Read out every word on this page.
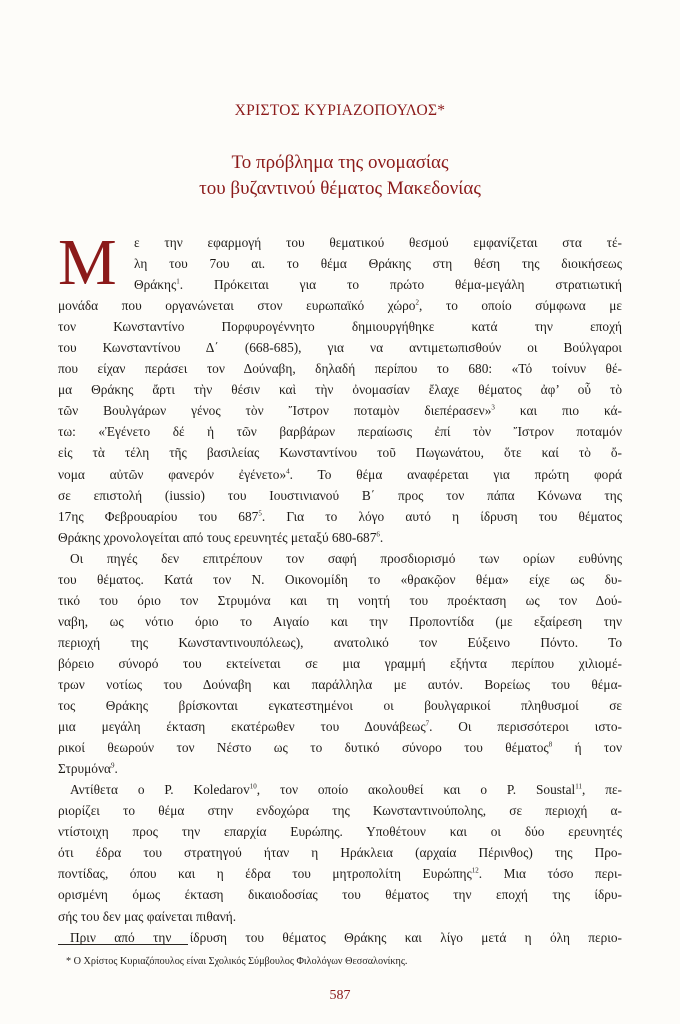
ΧΡΙΣΤΟΣ ΚΥΡΙΑΖΟΠΟΥΛΟΣ*
Το πρόβλημα της ονομασίας
του βυζαντινού θέματος Μακεδονίας
Μ	ε την εφαρμογή του θεματικού θεσμού εμφανίζεται στα τέ-
λη του 7ου αι. το θέμα Θράκης στη θέση της διοικήσεως
Θράκης$^1$. Πρόκειται για το πρώτο θέμα-μεγάλη στρατιωτική
μονάδα που οργανώνεται στον ευρωπαϊκό χώρο$^2$, το οποίο σύμφωνα με
τον Κωνσταντίνο Πορφυρογέννητο δημιουργήθηκε κατά την εποχή
του Κωνσταντίνου Δ΄ (668-685), για να αντιμετωπισθούν οι Βούλγαροι
που είχαν περάσει τον Δούναβη, δηλαδή περίπου το 680: «Τό τοίνυν θέ-
μα Θράκης ἄρτι τὴν θέσιν καὶ τὴν ὀνομασίαν ἔλαχε θέματος ἀφ’ οὗ τὸ
τῶν Βουλγάρων γένος τὸν Ἴστρον ποταμὸν διεπέρασεν»$^3$ και πιο κά-
τω: «Ἐγένετο δέ ἡ τῶν βαρβάρων περαίωσις ἐπί τὸν Ἴστρον ποταμόν
εἰς τὰ τέλη τῆς βασιλείας Κωνσταντίνου τοῦ Πωγωνάτου, ὅτε καί τὸ ὄ-
νομα αὐτῶν φανερόν ἐγένετο»$^4$. Το θέμα αναφέρεται για πρώτη φορά
σε επιστολή (iussio) του Ιουστινιανού Β΄ προς τον πάπα Κόνωνα της
17ης Φεβρουαρίου του $687^5$. Για το λόγο αυτό η ίδρυση του θέματος
Θράκης χρονολογείται από τους ερευνητές μεταξύ $680-687^6$.
Οι πηγές δεν επιτρέπουν τον σαφή προσδιορισμό των ορίων ευθύνης
του θέματος. Κατά τον Ν. Οικονομίδη το «θρακῷον θέμα» είχε ως δυ-
τικό του όριο τον Στρυμόνα και τη νοητή του προέκταση ως τον Δού-
ναβη, ως νότιο όριο το Αιγαίο και την Προποντίδα (με εξαίρεση την
περιοχή της Κωνσταντινουπόλεως), ανατολικό τον Εύξεινο Πόντο. Το
βόρειο σύνορό του εκτείνεται σε μια γραμμή εξήντα περίπου χιλιομέ-
τρων νοτίως του Δούναβη και παράλληλα με αυτόν. Βορείως του θέμα-
τος Θράκης βρίσκονται εγκατεστημένοι οι βουλγαρικοί πληθυσμοί σε
μια μεγάλη έκταση εκατέρωθεν του Δουνάβεως$^7$. Οι περισσότεροι ιστο-
ρικοί θεωρούν τον Νέστο ως το δυτικό σύνορο του θέματος$^8$ ή τον
Στρυμόνα$^9$.
Αντίθετα ο P. Koledarov$^{10}$, τον οποίο ακολουθεί και ο P. Soustal$^{11}$, πε-
ριορίζει το θέμα στην ενδοχώρα της Κωνσταντινούπολης, σε περιοχή α-
ντίστοιχη προς την επαρχία Ευρώπης. Υποθέτουν και οι δύο ερευνητές
ότι έδρα του στρατηγού ήταν η Ηράκλεια (αρχαία Πέρινθος) της Προ-
ποντίδας, όπου και η έδρα του μητροπολίτη Ευρώπης$^{12}$. Μια τόσο περι-
ορισμένη όμως έκταση δικαιοδοσίας του θέματος την εποχή της ίδρυ-
σής του δεν μας φαίνεται πιθανή.
Πριν από την ίδρυση του θέματος Θράκης και λίγο μετά η όλη περιο-
* Ο Χρίστος Κυριαζόπουλος είναι Σχολικός Σύμβουλος Φιλολόγων Θεσσαλονίκης.
587
